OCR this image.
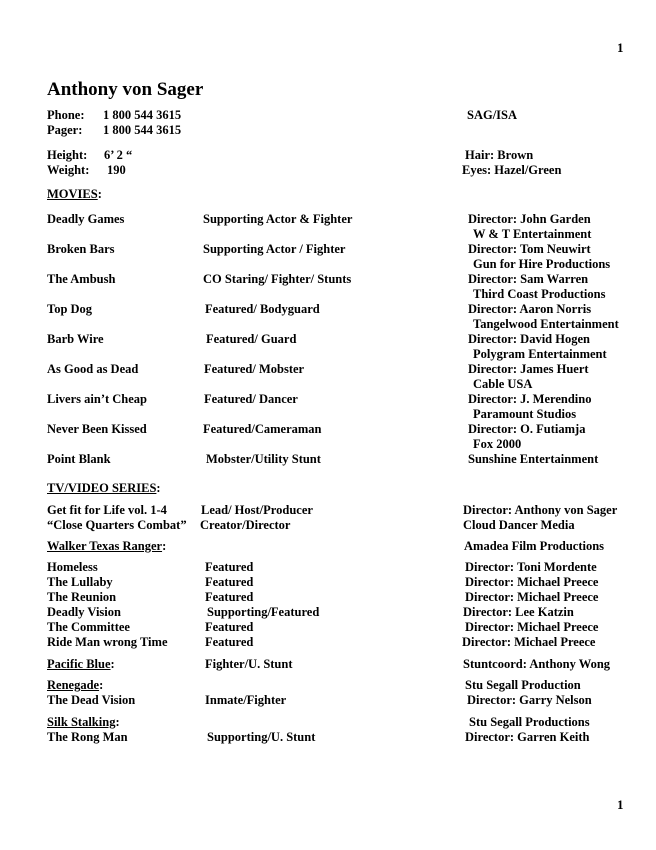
1
1
Anthony von Sager
Phone: 1 800 544 3615	SAG/ISA
Pager: 1 800 544 3615
Height: 6’ 2 “	Hair: Brown
Weight: 190	Eyes: Hazel/Green
MOVIES:
Deadly Games	Supporting Actor & Fighter	Director: John Garden
W & T Entertainment
Broken Bars	Supporting Actor / Fighter	Director: Tom Neuwirt
Gun for Hire Productions
The Ambush	CO Staring/ Fighter/ Stunts	Director: Sam Warren
Third Coast Productions
Top Dog	Featured/ Bodyguard	Director: Aaron Norris
Tangelwood Entertainment
Barb Wire	Featured/ Guard	Director: David Hogen
Polygram Entertainment
As Good as Dead	Featured/ Mobster	Director: James Huert
Cable USA
Livers ain’t Cheap	Featured/ Dancer	Director: J. Merendino
Paramount Studios
Never Been Kissed	Featured/Cameraman	Director: O. Futiamja
Fox 2000
Point Blank	Mobster/Utility Stunt	Sunshine Entertainment
TV/VIDEO SERIES:
Get fit for Life vol. 1-4	Lead/ Host/Producer	Director: Anthony von Sager
“Close Quarters Combat” Creator/Director	Cloud Dancer Media
Walker Texas Ranger:	Amadea Film Productions
Homeless	Featured	Director: Toni Mordente
The Lullaby	Featured	Director: Michael Preece
The Reunion	Featured	Director: Michael Preece
Deadly Vision	Supporting/Featured	Director: Lee Katzin
The Committee	Featured	Director: Michael Preece
Ride Man wrong Time	Featured	Director: Michael Preece
Pacific Blue:	Fighter/U. Stunt	Stuntcoord: Anthony Wong
Renegade:	Stu Segall Production
The Dead Vision	Inmate/Fighter	Director: Garry Nelson
Silk Stalking:	Stu Segall Productions
The Rong Man	Supporting/U. Stunt	Director: Garren Keith
